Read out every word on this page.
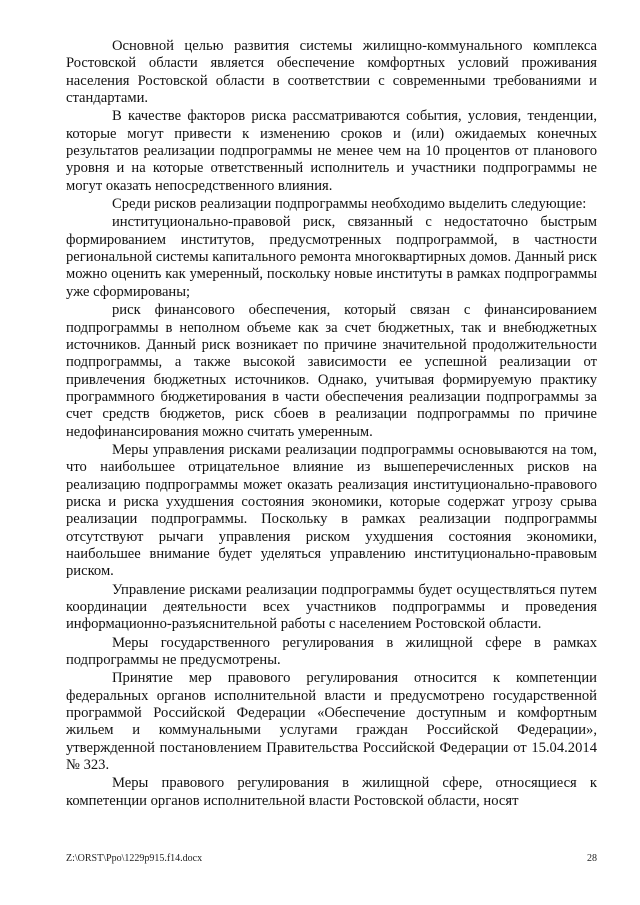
Основной целью развития системы жилищно-коммунального комплекса Ростовской области является обеспечение комфортных условий проживания населения Ростовской области в соответствии с современными требованиями и стандартами.

В качестве факторов риска рассматриваются события, условия, тенденции, которые могут привести к изменению сроков и (или) ожидаемых конечных результатов реализации подпрограммы не менее чем на 10 процентов от планового уровня и на которые ответственный исполнитель и участники подпрограммы не могут оказать непосредственного влияния.

Среди рисков реализации подпрограммы необходимо выделить следующие:

институционально-правовой риск, связанный с недостаточно быстрым формированием институтов, предусмотренных подпрограммой, в частности региональной системы капитального ремонта многоквартирных домов. Данный риск можно оценить как умеренный, поскольку новые институты в рамках подпрограммы уже сформированы;

риск финансового обеспечения, который связан с финансированием подпрограммы в неполном объеме как за счет бюджетных, так и внебюджетных источников. Данный риск возникает по причине значительной продолжительности подпрограммы, а также высокой зависимости ее успешной реализации от привлечения бюджетных источников. Однако, учитывая формируемую практику программного бюджетирования в части обеспечения реализации подпрограммы за счет средств бюджетов, риск сбоев в реализации подпрограммы по причине недофинансирования можно считать умеренным.

Меры управления рисками реализации подпрограммы основываются на том, что наибольшее отрицательное влияние из вышеперечисленных рисков на реализацию подпрограммы может оказать реализация институционально-правового риска и риска ухудшения состояния экономики, которые содержат угрозу срыва реализации подпрограммы. Поскольку в рамках реализации подпрограммы отсутствуют рычаги управления риском ухудшения состояния экономики, наибольшее внимание будет уделяться управлению институционально-правовым риском.

Управление рисками реализации подпрограммы будет осуществляться путем координации деятельности всех участников подпрограммы и проведения информационно-разъяснительной работы с населением Ростовской области.

Меры государственного регулирования в жилищной сфере в рамках подпрограммы не предусмотрены.

Принятие мер правового регулирования относится к компетенции федеральных органов исполнительной власти и предусмотрено государственной программой Российской Федерации «Обеспечение доступным и комфортным жильем и коммунальными услугами граждан Российской Федерации», утвержденной постановлением Правительства Российской Федерации от 15.04.2014 № 323.

Меры правового регулирования в жилищной сфере, относящиеся к компетенции органов исполнительной власти Ростовской области, носят

Z:\ORST\Ppo\1229p915.f14.docx	28
